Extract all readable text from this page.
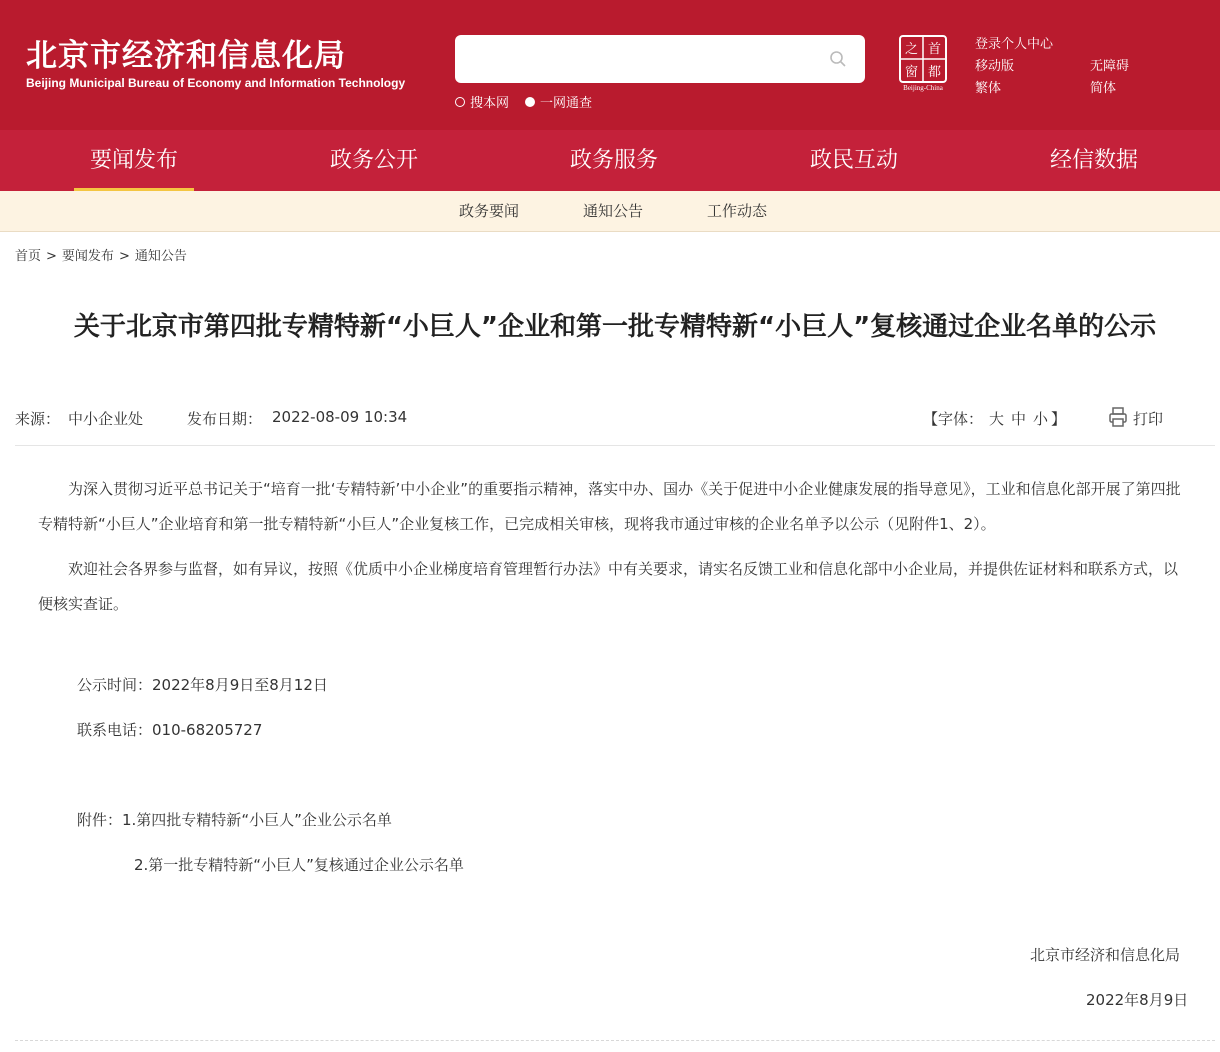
北京市经济和信息化局
Beijing Municipal Bureau of Economy and Information Technology
搜本网 一网通查
首
都
之
窗
Beijing-China
登录个人中心
移动版	无障碍
繁体	简体
要闻发布	政务公开	政务服务	政民互动	经信数据
政务要闻	通知公告	工作动态
首页 > 要闻发布 > 通知公告
关于北京市第四批专精特新“小巨人”企业和第一批专精特新“小巨人”复核通过企业名单的公示
来源： 中小企业处	发布日期： 2022-08-09 10:34	【字体： 大 中 小 】	打印

为深入贯彻习近平总书记关于“培育一批‘专精特新’中小企业”的重要指示精神，落实中办、国办《关于促进中小企业健康发展的指导意见》，工业和信息化部开展了第四批专精特新“小巨人”企业培育和第一批专精特新“小巨人”企业复核工作，已完成相关审核，现将我市通过审核的企业名单予以公示（见附件1、2）。

欢迎社会各界参与监督，如有异议，按照《优质中小企业梯度培育管理暂行办法》中有关要求，请实名反馈工业和信息化部中小企业局，并提供佐证材料和联系方式，以便核实查证。

公示时间：2022年8月9日至8月12日
联系电话：010-68205727
附件：1.第四批专精特新“小巨人”企业公示名单
2.第一批专精特新“小巨人”复核通过企业公示名单
北京市经济和信息化局
2022年8月9日
